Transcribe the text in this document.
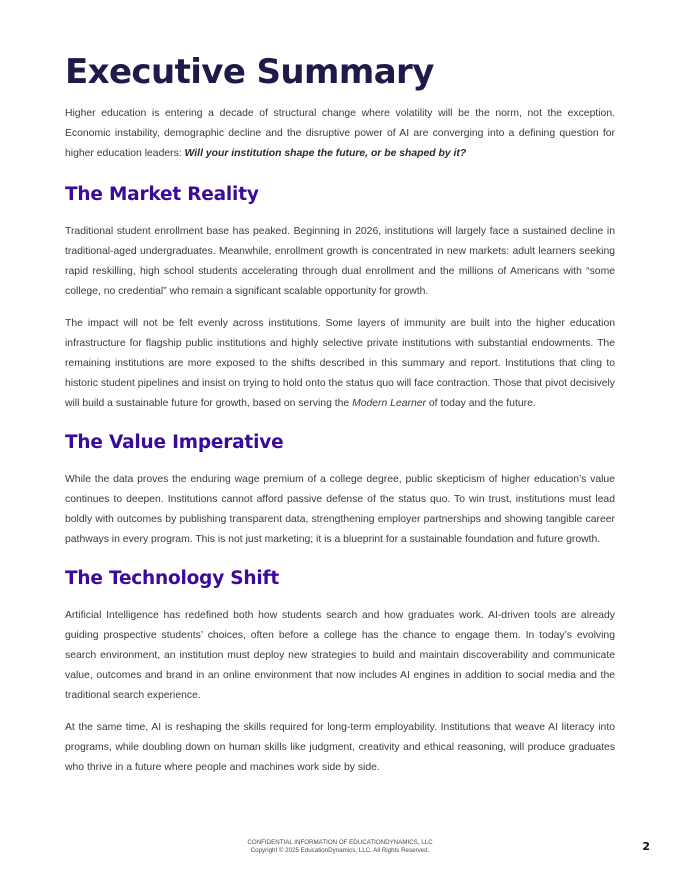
Executive Summary

Higher education is entering a decade of structural change where volatility will be the norm, not the exception. Economic instability, demographic decline and the disruptive power of AI are converging into a defining question for higher education leaders: Will your institution shape the future, or be shaped by it?

The Market Reality

Traditional student enrollment base has peaked. Beginning in 2026, institutions will largely face a sustained decline in traditional-aged undergraduates. Meanwhile, enrollment growth is concentrated in new markets: adult learners seeking rapid reskilling, high school students accelerating through dual enrollment and the millions of Americans with “some college, no credential” who remain a significant scalable opportunity for growth.

The impact will not be felt evenly across institutions. Some layers of immunity are built into the higher education infrastructure for flagship public institutions and highly selective private institutions with substantial endowments. The remaining institutions are more exposed to the shifts described in this summary and report. Institutions that cling to historic student pipelines and insist on trying to hold onto the status quo will face contraction. Those that pivot decisively will build a sustainable future for growth, based on serving the Modern Learner of today and the future.

The Value Imperative

While the data proves the enduring wage premium of a college degree, public skepticism of higher education’s value continues to deepen. Institutions cannot afford passive defense of the status quo. To win trust, institutions must lead boldly with outcomes by publishing transparent data, strengthening employer partnerships and showing tangible career pathways in every program. This is not just marketing; it is a blueprint for a sustainable foundation and future growth.

The Technology Shift

Artificial Intelligence has redefined both how students search and how graduates work. AI-driven tools are already guiding prospective students’ choices, often before a college has the chance to engage them. In today’s evolving search environment, an institution must deploy new strategies to build and maintain discoverability and communicate value, outcomes and brand in an online environment that now includes AI engines in addition to social media and the traditional search experience.

At the same time, AI is reshaping the skills required for long-term employability. Institutions that weave AI literacy into programs, while doubling down on human skills like judgment, creativity and ethical reasoning, will produce graduates who thrive in a future where people and machines work side by side.

CONFIDENTIAL INFORMATION OF EDUCATIONDYNAMICS, LLC
Copyright © 2025 EducationDynamics, LLC. All Rights Reserved.	2
